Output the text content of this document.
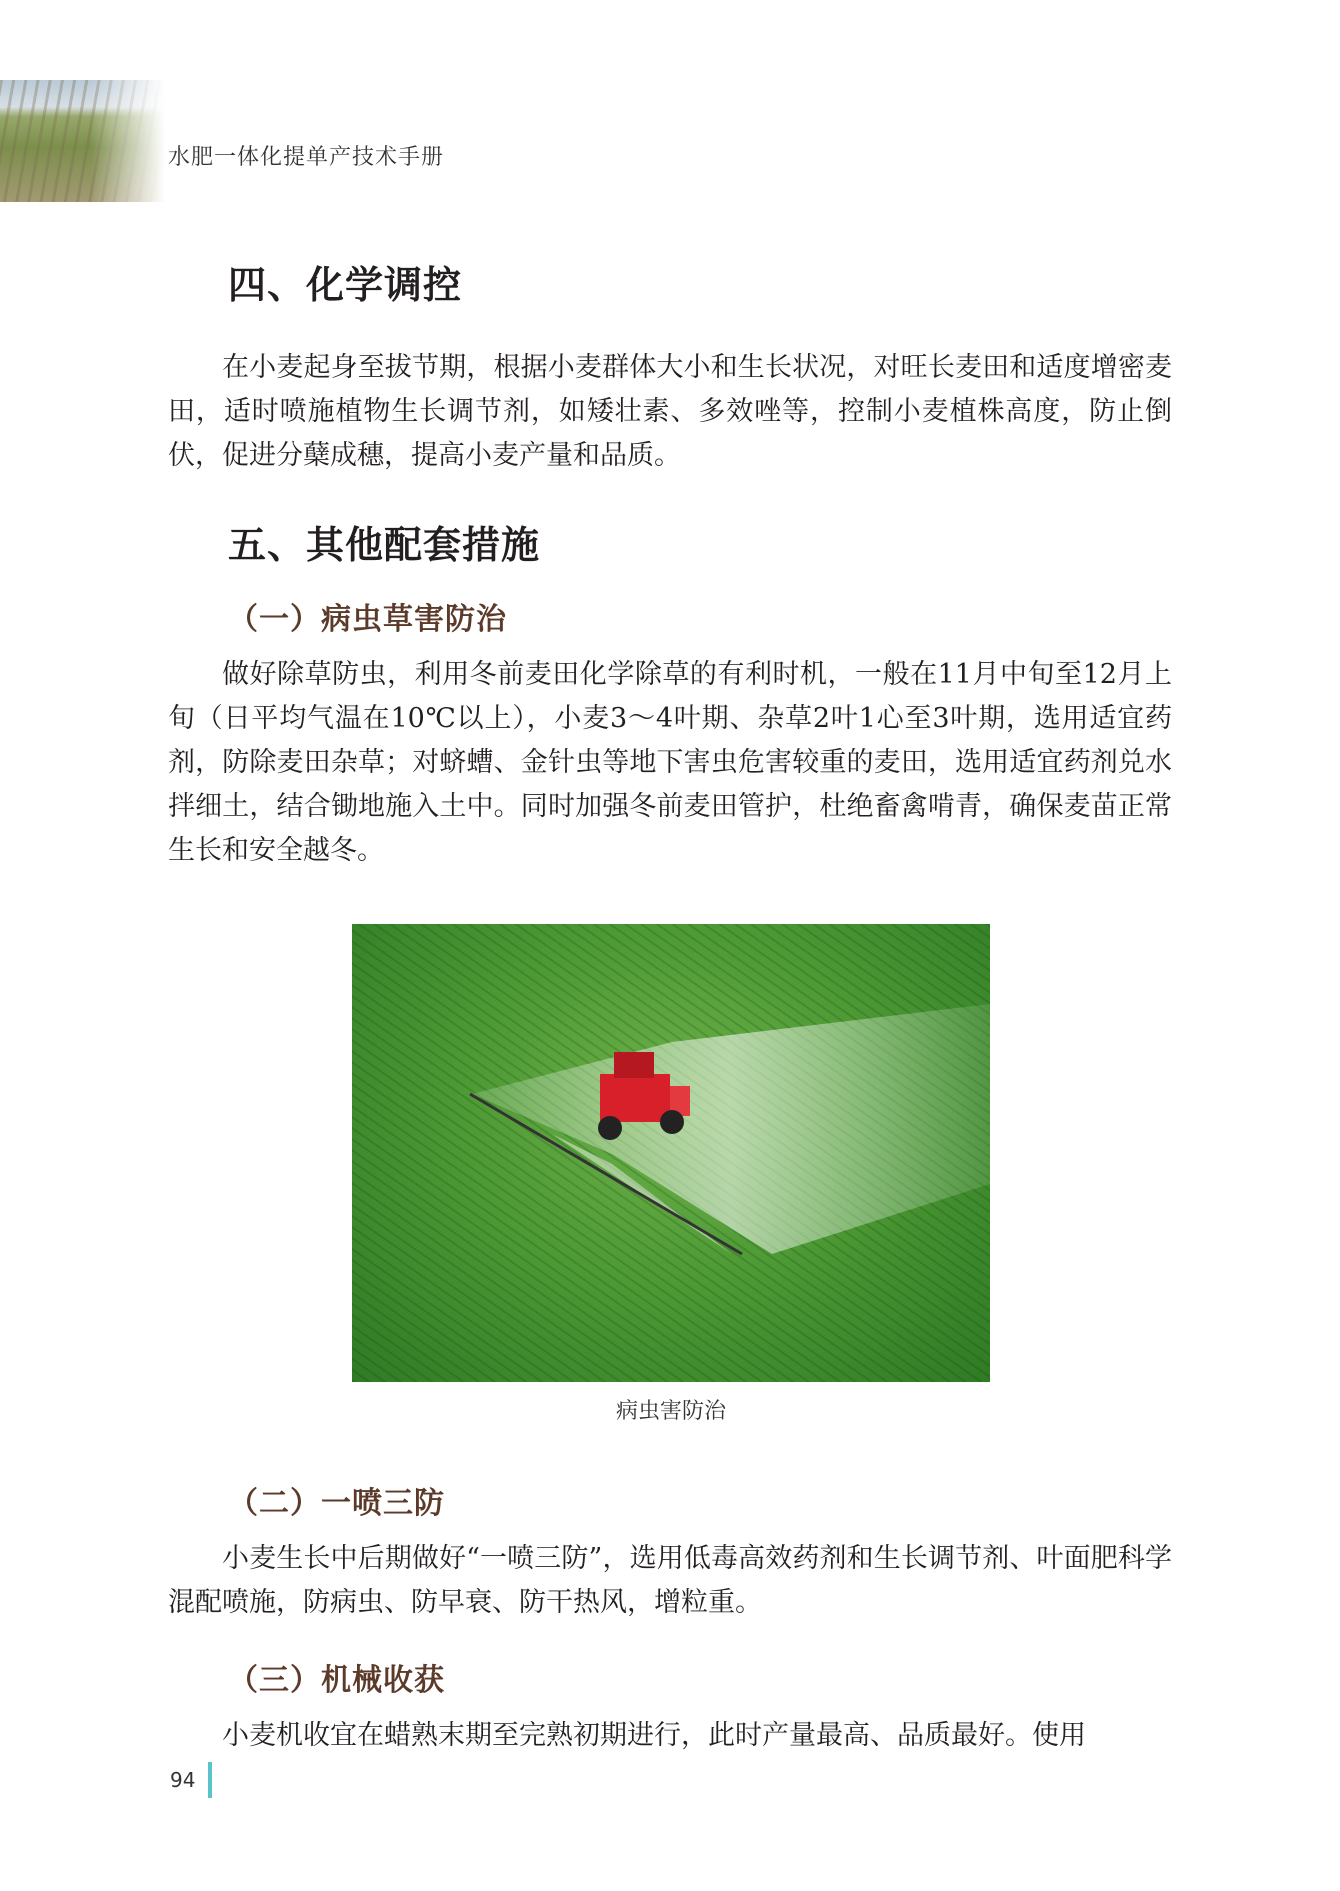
水肥一体化提单产技术手册
四、化学调控

在小麦起身至拔节期，根据小麦群体大小和生长状况，对旺长麦田和适度增密麦田，适时喷施植物生长调节剂，如矮壮素、多效唑等，控制小麦植株高度，防止倒伏，促进分蘖成穗，提高小麦产量和品质。

五、其他配套措施
（一）病虫草害防治

做好除草防虫，利用冬前麦田化学除草的有利时机，一般在11月中旬至12月上旬（日平均气温在10℃以上），小麦3～4叶期、杂草2叶1心至3叶期，选用适宜药剂，防除麦田杂草；对蛴螬、金针虫等地下害虫危害较重的麦田，选用适宜药剂兑水拌细土，结合锄地施入土中。同时加强冬前麦田管护，杜绝畜禽啃青，确保麦苗正常生长和安全越冬。

病虫害防治
（二）一喷三防

小麦生长中后期做好“一喷三防”，选用低毒高效药剂和生长调节剂、叶面肥科学混配喷施，防病虫、防早衰、防干热风，增粒重。

（三）机械收获

小麦机收宜在蜡熟末期至完熟初期进行，此时产量最高、品质最好。使用

94
